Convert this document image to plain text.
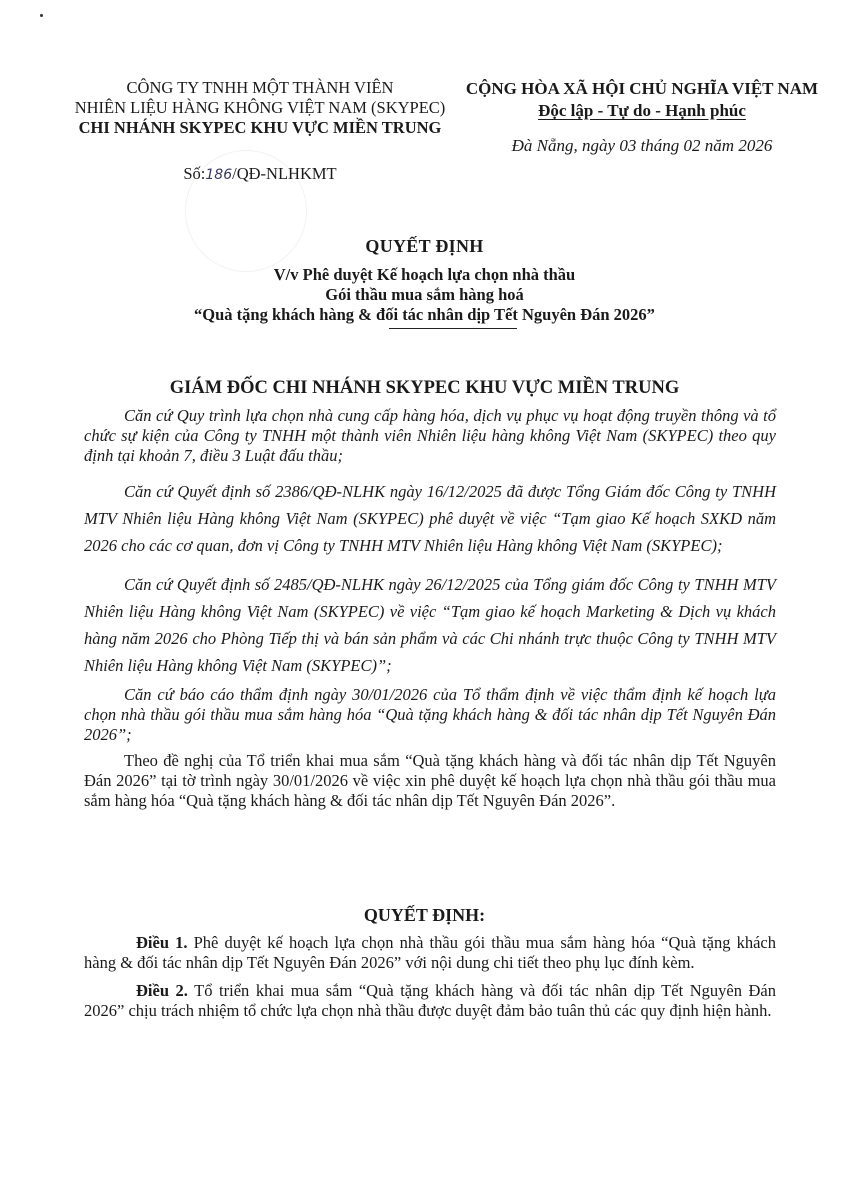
CÔNG TY TNHH MỘT THÀNH VIÊN
NHIÊN LIỆU HÀNG KHÔNG VIỆT NAM (SKYPEC)
CHI NHÁNH SKYPEC KHU VỰC MIỀN TRUNG
Số:186/QĐ-NLHKMT
CỘNG HÒA XÃ HỘI CHỦ NGHĨA VIỆT NAM
Độc lập - Tự do - Hạnh phúc
Đà Nẵng, ngày 03 tháng 02 năm 2026
QUYẾT ĐỊNH
V/v Phê duyệt Kế hoạch lựa chọn nhà thầu
Gói thầu mua sắm hàng hoá
“Quà tặng khách hàng & đối tác nhân dịp Tết Nguyên Đán 2026”
GIÁM ĐỐC CHI NHÁNH SKYPEC KHU VỰC MIỀN TRUNG

Căn cứ Quy trình lựa chọn nhà cung cấp hàng hóa, dịch vụ phục vụ hoạt động truyền thông và tổ chức sự kiện của Công ty TNHH một thành viên Nhiên liệu hàng không Việt Nam (SKYPEC) theo quy định tại khoản 7, điều 3 Luật đấu thầu;

Căn cứ Quyết định số 2386/QĐ-NLHK ngày 16/12/2025 đã được Tổng Giám đốc Công ty TNHH MTV Nhiên liệu Hàng không Việt Nam (SKYPEC) phê duyệt về việc “Tạm giao Kế hoạch SXKD năm 2026 cho các cơ quan, đơn vị Công ty TNHH MTV Nhiên liệu Hàng không Việt Nam (SKYPEC);

Căn cứ Quyết định số 2485/QĐ-NLHK ngày 26/12/2025 của Tổng giám đốc Công ty TNHH MTV Nhiên liệu Hàng không Việt Nam (SKYPEC) về việc “Tạm giao kế hoạch Marketing & Dịch vụ khách hàng năm 2026 cho Phòng Tiếp thị và bán sản phẩm và các Chi nhánh trực thuộc Công ty TNHH MTV Nhiên liệu Hàng không Việt Nam (SKYPEC)”;

Căn cứ báo cáo thẩm định ngày 30/01/2026 của Tổ thẩm định về việc thẩm định kế hoạch lựa chọn nhà thầu gói thầu mua sắm hàng hóa “Quà tặng khách hàng & đối tác nhân dịp Tết Nguyên Đán 2026”;

Theo đề nghị của Tổ triển khai mua sắm “Quà tặng khách hàng và đối tác nhân dịp Tết Nguyên Đán 2026” tại tờ trình ngày 30/01/2026 về việc xin phê duyệt kế hoạch lựa chọn nhà thầu gói thầu mua sắm hàng hóa “Quà tặng khách hàng & đối tác nhân dịp Tết Nguyên Đán 2026”.

QUYẾT ĐỊNH:

Điều 1. Phê duyệt kế hoạch lựa chọn nhà thầu gói thầu mua sắm hàng hóa “Quà tặng khách hàng & đối tác nhân dịp Tết Nguyên Đán 2026” với nội dung chi tiết theo phụ lục đính kèm.

Điều 2. Tổ triển khai mua sắm “Quà tặng khách hàng và đối tác nhân dịp Tết Nguyên Đán 2026” chịu trách nhiệm tổ chức lựa chọn nhà thầu được duyệt đảm bảo tuân thủ các quy định hiện hành.
